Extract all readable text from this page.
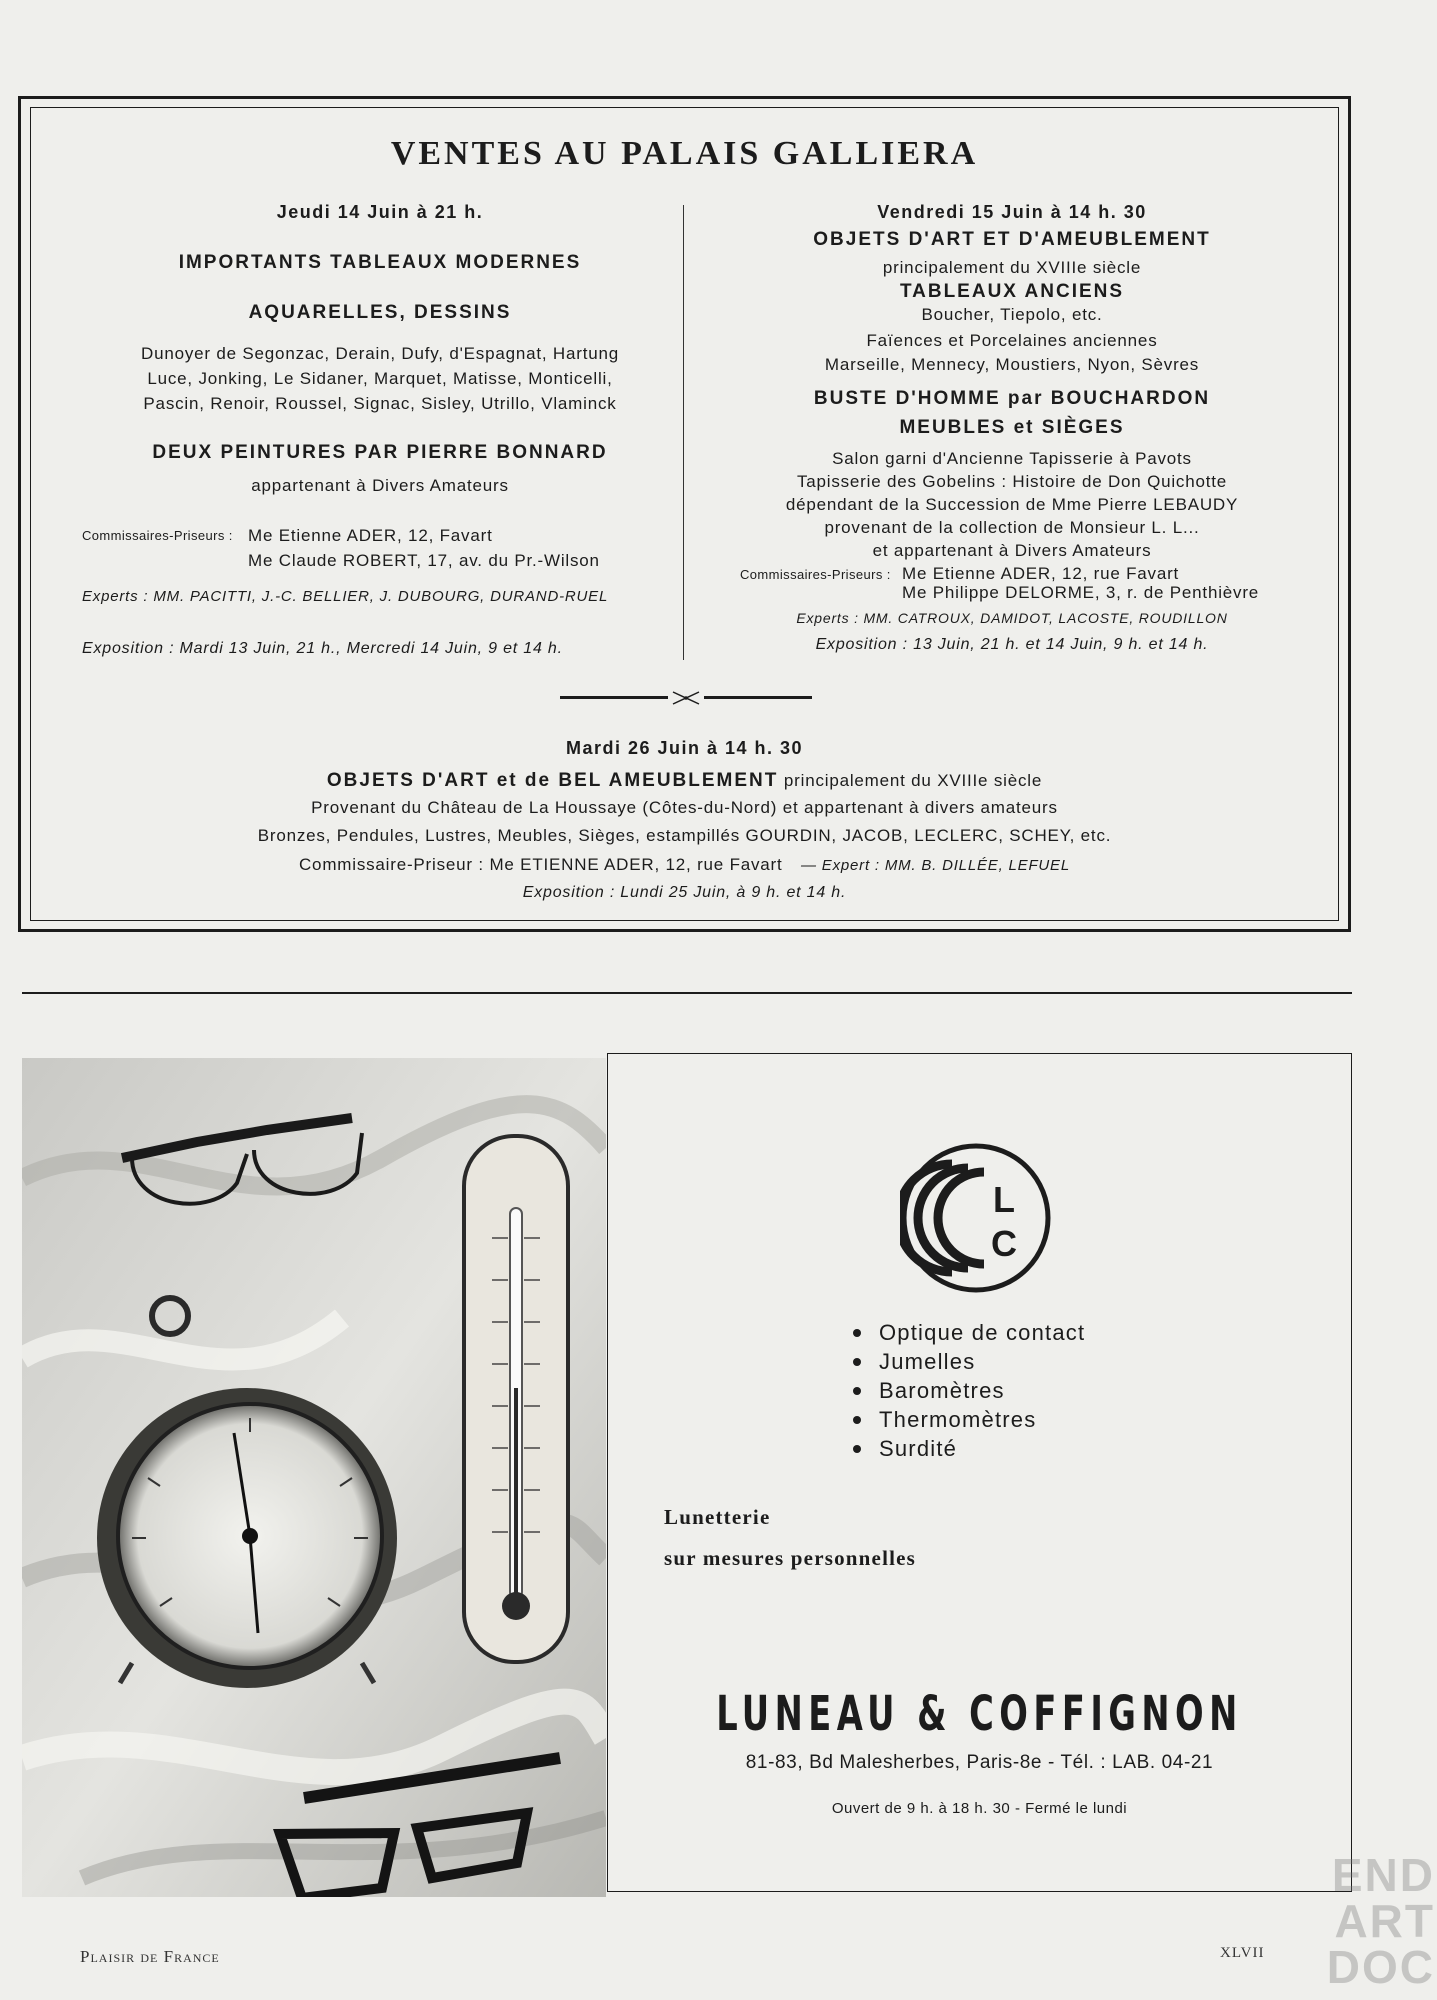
VENTES AU PALAIS GALLIERA
Jeudi 14 Juin à 21 h.
IMPORTANTS TABLEAUX MODERNES
AQUARELLES, DESSINS
Dunoyer de Segonzac, Derain, Dufy, d'Espagnat, Hartung
Luce, Jonking, Le Sidaner, Marquet, Matisse, Monticelli,
Pascin, Renoir, Roussel, Signac, Sisley, Utrillo, Vlaminck
DEUX PEINTURES PAR PIERRE BONNARD
appartenant à Divers Amateurs
Commissaires-Priseurs : Me Etienne ADER, 12, Favart
Me Claude ROBERT, 17, av. du Pr.-Wilson
Experts : MM. PACITTI, J.-C. BELLIER, J. DUBOURG, DURAND-RUEL
Exposition : Mardi 13 Juin, 21 h., Mercredi 14 Juin, 9 et 14 h.
Vendredi 15 Juin à 14 h. 30
OBJETS D'ART ET D'AMEUBLEMENT
principalement du XVIIIe siècle
TABLEAUX ANCIENS
Boucher, Tiepolo, etc.
Faïences et Porcelaines anciennes
Marseille, Mennecy, Moustiers, Nyon, Sèvres
BUSTE D'HOMME par BOUCHARDON
MEUBLES et SIÈGES
Salon garni d'Ancienne Tapisserie à Pavots
Tapisserie des Gobelins : Histoire de Don Quichotte
dépendant de la Succession de Mme Pierre LEBAUDY
provenant de la collection de Monsieur L. L...
et appartenant à Divers Amateurs
Commissaires-Priseurs : Me Etienne ADER, 12, rue Favart
Me Philippe DELORME, 3, r. de Penthièvre
Experts : MM. CATROUX, DAMIDOT, LACOSTE, ROUDILLON
Exposition : 13 Juin, 21 h. et 14 Juin, 9 h. et 14 h.
Mardi 26 Juin à 14 h. 30
OBJETS D'ART et de BEL AMEUBLEMENT principalement du XVIIIe siècle
Provenant du Château de La Houssaye (Côtes-du-Nord) et appartenant à divers amateurs
Bronzes, Pendules, Lustres, Meubles, Sièges, estampillés GOURDIN, JACOB, LECLERC, SCHEY, etc.
Commissaire-Priseur : Me ETIENNE ADER, 12, rue Favart — Expert : MM. B. DILLÉE, LEFUEL
Exposition : Lundi 25 Juin, à 9 h. et 14 h.
L
C
Optique de contact
Jumelles
Baromètres
Thermomètres
Surdité
Lunetterie
sur mesures personnelles
LUNEAU & COFFIGNON
81-83, Bd Malesherbes, Paris-8e - Tél. : LAB. 04-21
Ouvert de 9 h. à 18 h. 30 - Fermé le lundi
Plaisir de France	XLVII
END
ART
DOC
